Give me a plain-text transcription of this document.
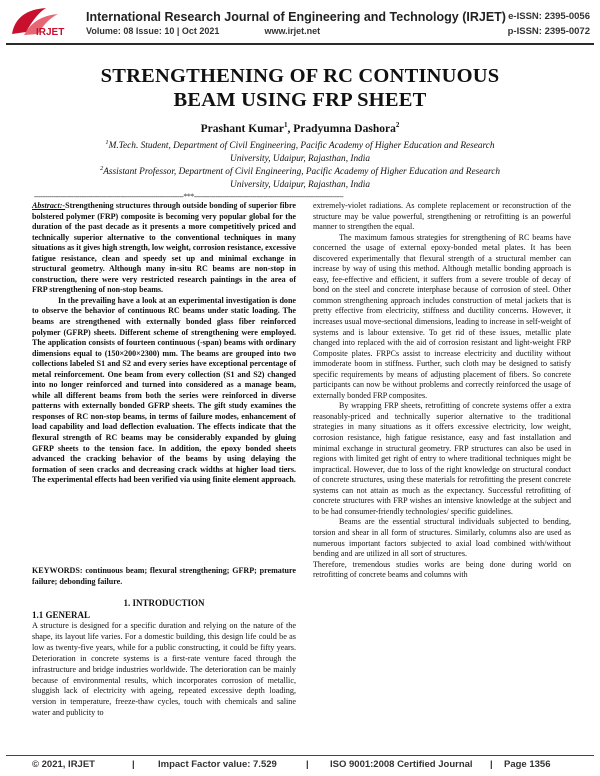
IRJET
International Research Journal of Engineering and Technology (IRJET)
Volume: 08 Issue: 10 | Oct 2021	www.irjet.net
e-ISSN: 2395-0056
p-ISSN: 2395-0072
STRENGTHENING OF RC CONTINUOUS
BEAM USING FRP SHEET
Prashant Kumar$^1$, Pradyumna Dashora$^2$
$^1$M.Tech. Student, Department of Civil Engineering, Pacific Academy of Higher Education and Research
University, Udaipur, Rajasthan, India
$^2$Assistant Professor, Department of Civil Engineering, Pacific Academy of Higher Education and Research
University, Udaipur, Rajasthan, India
---------------------------------------------------------------------***---------------------------------------------------------------------

Abstract:-Strengthening structures through outside bonding of superior fibre bolstered polymer (FRP) composite is becoming very popular global for the duration of the past decade as it presents a more competitively priced and technically superior alternative to the conventional techniques in many situations as it gives high strength, low weight, corrosion resistance, excessive fatigue resistance, clean and speedy set up and minimal exchange in structural geometry. Although many in-situ RC beams are non-stop in construction, there were very restricted research paintings in the area of FRP strengthening of non-stop beams.

In the prevailing have a look at an experimental investigation is done to observe the behavior of continuous RC beams under static loading. The beams are strengthened with externally bonded glass fiber reinforced polymer (GFRP) sheets. Different scheme of strengthening were employed. The application consists of fourteen continuous (-span) beams with ordinary dimensions equal to (150×200×2300) mm. The beams are grouped into two collections labeled S1 and S2 and every series have exceptional percentage of metal reinforcement. One beam from every collection (S1 and S2) changed into no longer reinforced and turned into considered as a manage beam, while all different beams from both the series were reinforced in diverse patterns with externally bonded GFRP sheets. The gift study examines the responses of RC non-stop beams, in terms of failure modes, enhancement of load capability and load deflection evaluation. The effects indicate that the flexural strength of RC beams may be considerably expanded by gluing GFRP sheets to the tension face. In addition, the epoxy bonded sheets advanced the cracking behavior of the beams by using delaying the formation of seen cracks and decreasing crack widths at higher load tiers. The experimental effects had been verified via using finite element approach.

KEYWORDS: continuous beam; flexural strengthening; GFRP; premature failure; debonding failure.
1. INTRODUCTION
1.1 GENERAL
A structure is designed for a specific duration and relying on the nature of the shape, its layout life varies. For a domestic building, this design life could be as low as twenty-five years, while for a public constructing, it could be fifty years. Deterioration in concrete systems is a first-rate venture faced through the infrastructure and bridge industries worldwide. The deterioration can be mainly because of environmental results, which incorporates corrosion of metallic, sluggish lack of electricity with ageing, repeated excessive depth loading, version in temperature, freeze-thaw cycles, touch with chemicals and saline water and publicity to

extremely-violet radiations. As complete replacement or reconstruction of the structure may be value powerful, strengthening or retrofitting is an powerful manner to strengthen the equal.

The maximum famous strategies for strengthening of RC beams have concerned the usage of external epoxy-bonded metal plates. It has been discovered experimentally that flexural strength of a structural member can increase by way of using this method. Although metallic bonding approach is easy, fee-effective and efficient, it suffers from a severe trouble of decay of bond on the steel and concrete interphase because of corrosion of steel. Other common strengthening approach includes construction of metal jackets that is pretty effective from electricity, stiffness and ductility concerns. However, it increases usual move-sectional dimensions, leading to increase in self-weight of systems and is labour extensive. To get rid of these issues, metallic plate changed into replaced with the aid of corrosion resistant and light-weight FRP Composite plates. FRPCs assist to increase electricity and ductility without immoderate boom in stiffness. Further, such cloth may be designed to satisfy specific requirements by means of adjusting placement of fibers. So concrete participants can now be without problems and correctly reinforced the usage of externally bonded FRP composites.

By wrapping FRP sheets, retrofitting of concrete systems offer a extra reasonably-priced and technically superior alternative to the traditional strategies in many situations as it offers excessive electricity, low weight, corrosion resistance, high fatigue resistance, easy and fast installation and minimal exchange in structural geometry. FRP structures can also be used in regions with limited get right of entry to where traditional techniques might be impractical. However, due to loss of the right knowledge on structural conduct of concrete structures, using these materials for retrofitting the present concrete systems can not attain as much as the expectancy. Successful retrofitting of concrete structures with FRP wishes an intensive knowledge at the subject and to be had consumer-friendly technologies/ specific guidelines.

Beams are the essential structural individuals subjected to bending, torsion and shear in all form of structures. Similarly, columns also are used as numerous important factors subjected to axial load combined with/without bending and are utilized in all sort of structures.

Therefore, tremendous studies works are being done during world on retrofitting of concrete beams and columns with

© 2021, IRJET	| Impact Factor value: 7.529	| ISO 9001:2008 Certified Journal | Page 1356
